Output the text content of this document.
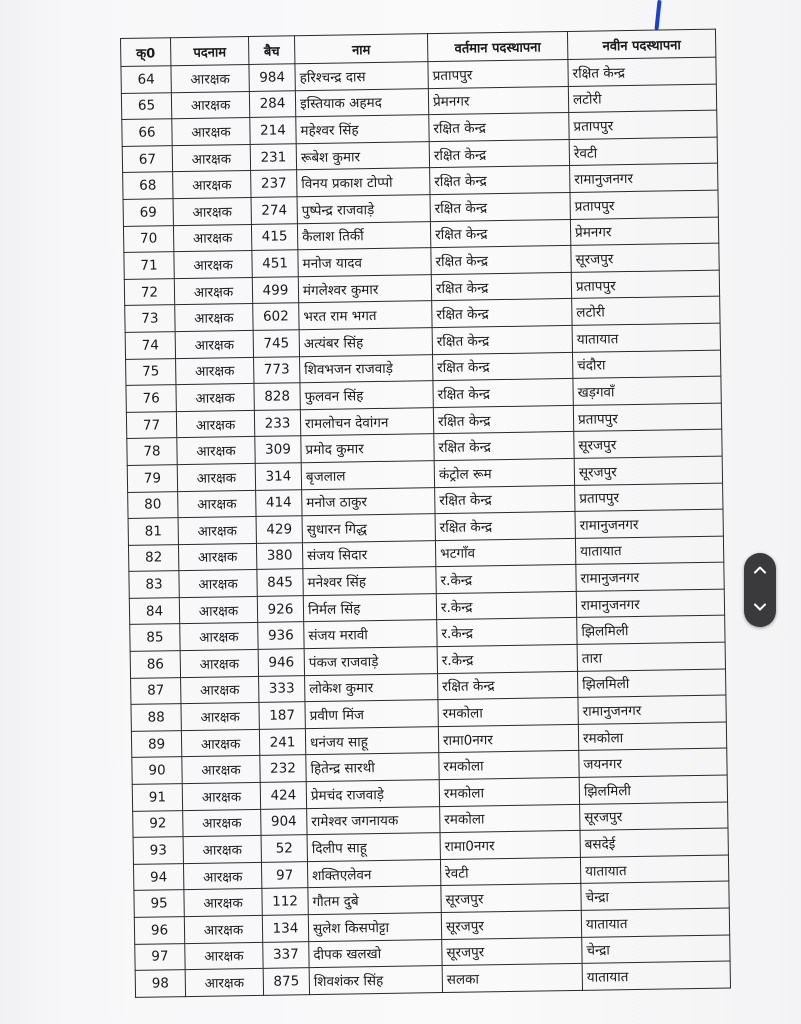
क्0	पदनाम	बैच	नाम	वर्तमान पदस्थापना	नवीन पदस्थापना
64	आरक्षक	984	हरिश्चन्द्र दास	प्रतापपुर	रक्षित केन्द्र
65	आरक्षक	284	इस्तियाक अहमद	प्रेमनगर	लटोरी
66	आरक्षक	214	महेश्वर सिंह	रक्षित केन्द्र	प्रतापपुर
67	आरक्षक	231	रूबेश कुमार	रक्षित केन्द्र	रेवटी
68	आरक्षक	237	विनय प्रकाश टोप्पो	रक्षित केन्द्र	रामानुजनगर
69	आरक्षक	274	पुष्पेन्द्र राजवाड़े	रक्षित केन्द्र	प्रतापपुर
70	आरक्षक	415	कैलाश तिर्की	रक्षित केन्द्र	प्रेमनगर
71	आरक्षक	451	मनोज यादव	रक्षित केन्द्र	सूरजपुर
72	आरक्षक	499	मंगलेश्वर कुमार	रक्षित केन्द्र	प्रतापपुर
73	आरक्षक	602	भरत राम भगत	रक्षित केन्द्र	लटोरी
74	आरक्षक	745	अत्यंबर सिंह	रक्षित केन्द्र	यातायात
75	आरक्षक	773	शिवभजन राजवाड़े	रक्षित केन्द्र	चंदौरा
76	आरक्षक	828	फुलवन सिंह	रक्षित केन्द्र	खड़गवाँ
77	आरक्षक	233	रामलोचन देवांगन	रक्षित केन्द्र	प्रतापपुर
78	आरक्षक	309	प्रमोद कुमार	रक्षित केन्द्र	सूरजपुर
79	आरक्षक	314	बृजलाल	कंट्रोल रूम	सूरजपुर
80	आरक्षक	414	मनोज ठाकुर	रक्षित केन्द्र	प्रतापपुर
81	आरक्षक	429	सुधारन गिद्ध	रक्षित केन्द्र	रामानुजनगर
82	आरक्षक	380	संजय सिदार	भटगाँव	यातायात
83	आरक्षक	845	मनेश्वर सिंह	र.केन्द्र	रामानुजनगर
84	आरक्षक	926	निर्मल सिंह	र.केन्द्र	रामानुजनगर
85	आरक्षक	936	संजय मरावी	र.केन्द्र	झिलमिली
86	आरक्षक	946	पंकज राजवाड़े	र.केन्द्र	तारा
87	आरक्षक	333	लोकेश कुमार	रक्षित केन्द्र	झिलमिली
88	आरक्षक	187	प्रवीण मिंज	रमकोला	रामानुजनगर
89	आरक्षक	241	धनंजय साहू	रामा0नगर	रमकोला
90	आरक्षक	232	हितेन्द्र सारथी	रमकोला	जयनगर
91	आरक्षक	424	प्रेमचंद राजवाड़े	रमकोला	झिलमिली
92	आरक्षक	904	रामेश्वर जगनायक	रमकोला	सूरजपुर
93	आरक्षक	52	दिलीप साहू	रामा0नगर	बसदेई
94	आरक्षक	97	शक्तिएलेवन	रेवटी	यातायात
95	आरक्षक	112	गौतम दुबे	सूरजपुर	चेन्द्रा
96	आरक्षक	134	सुलेश किसपोट्टा	सूरजपुर	यातायात
97	आरक्षक	337	दीपक खलखो	सूरजपुर	चेन्द्रा
98	आरक्षक	875	शिवशंकर सिंह	सलका	यातायात
